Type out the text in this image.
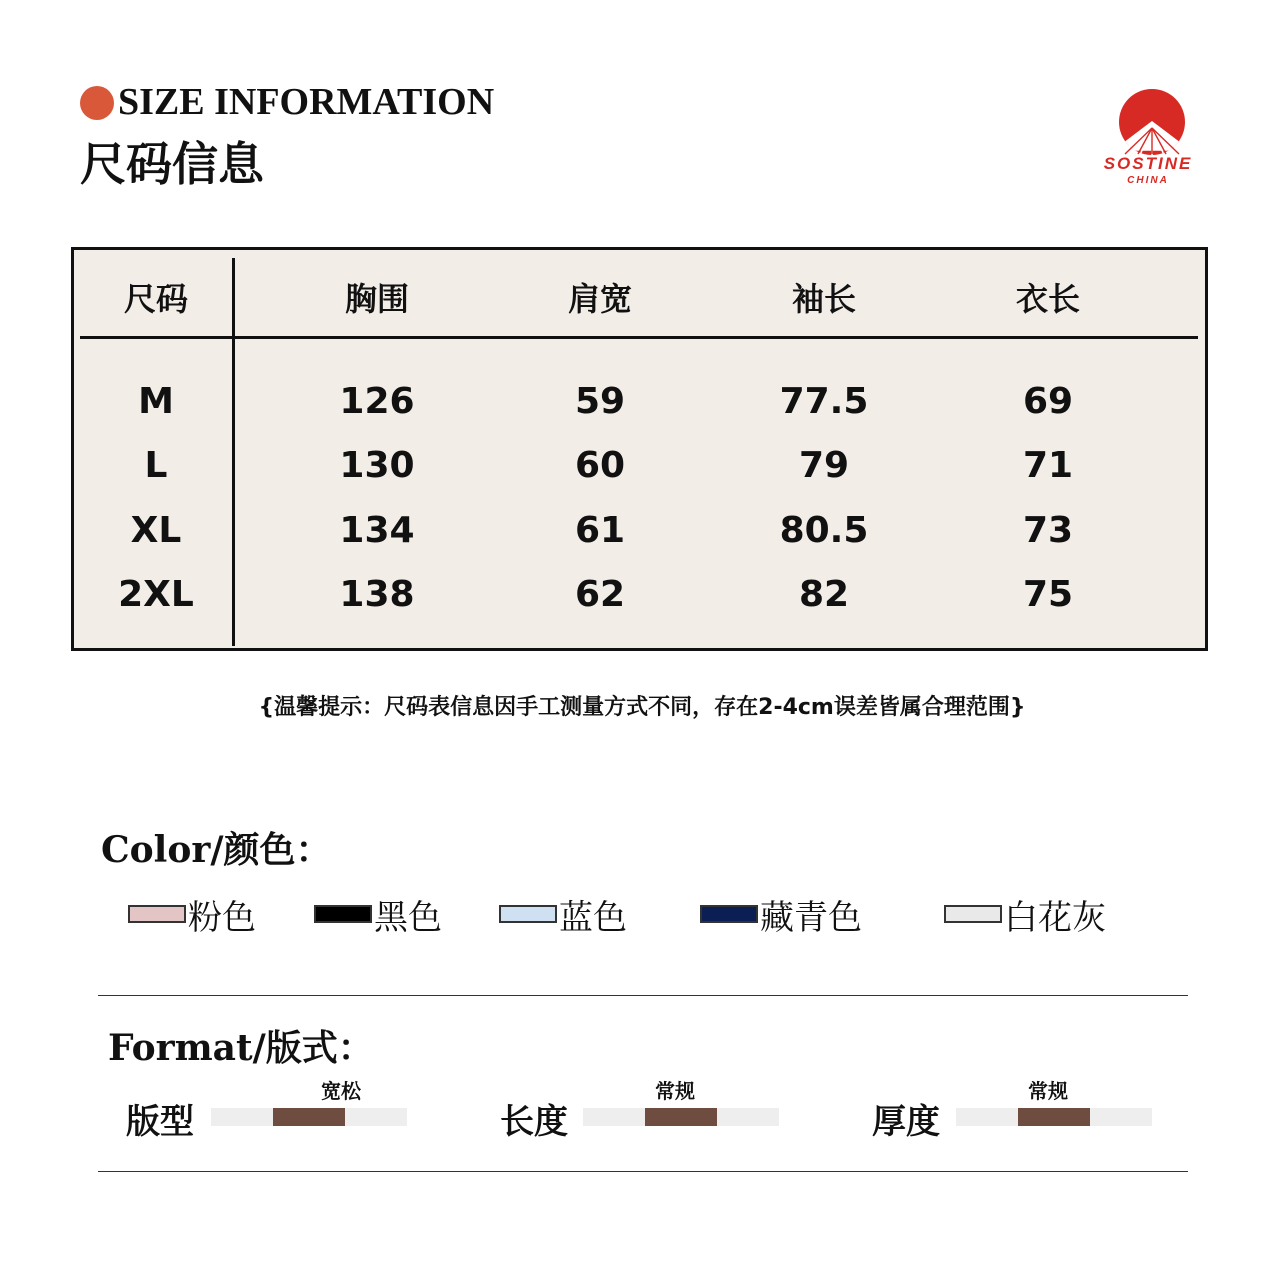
SIZE INFORMATION
尺码信息	SOSTINE
CHINA
尺码	胸围	肩宽	袖长	衣长
M	126	59	77.5	69
L	130	60	79	71
XL	134	61	80.5	73
2XL	138	62	82	75
{温馨提示：尺码表信息因手工测量方式不同，存在2-4cm误差皆属合理范围}
Color/颜色：
粉色	黑色	蓝色	藏青色	白花灰
Format/版式：
版型
宽松
长度
常规
厚度
常规
